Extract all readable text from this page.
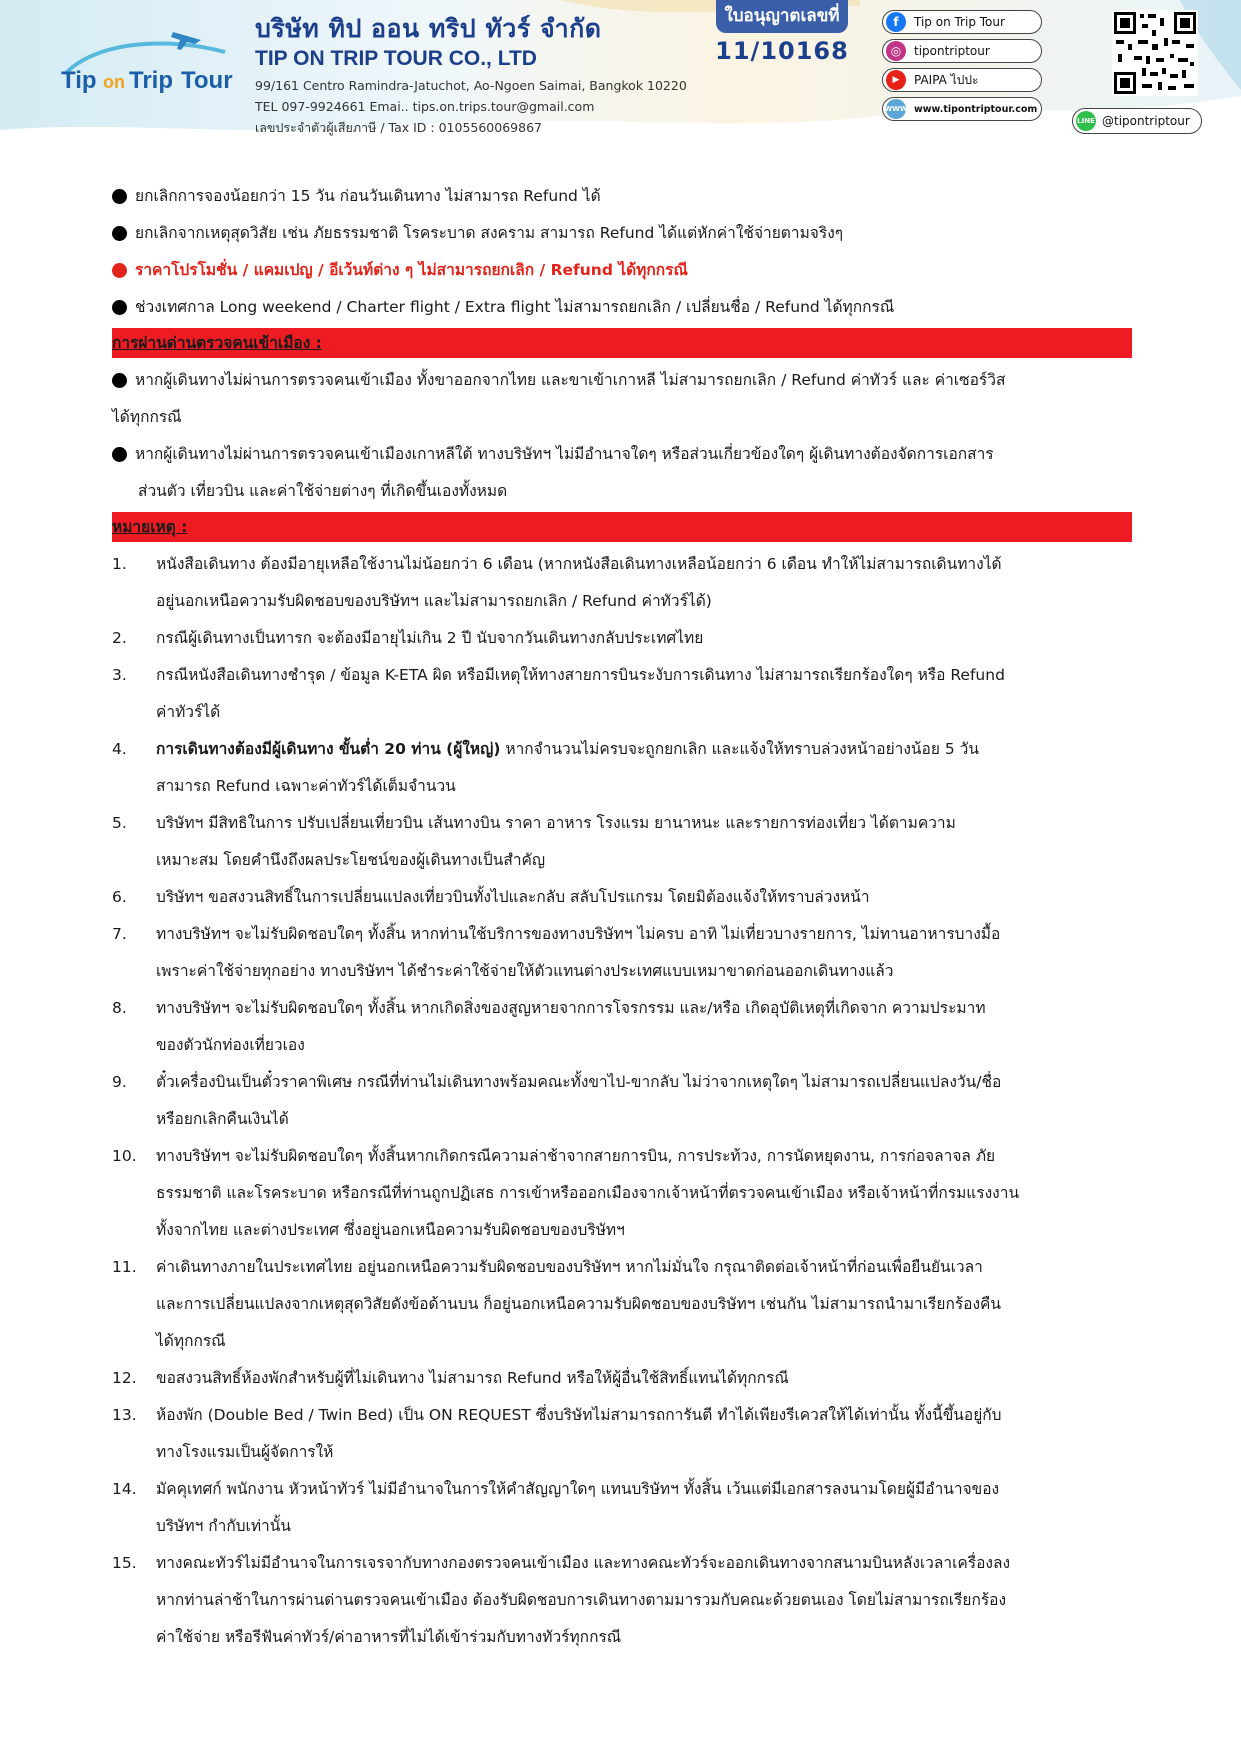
Tip on Trip Tour
บริษัท ทิป ออน ทริป ทัวร์ จำกัด
TIP ON TRIP TOUR CO., LTD
99/161 Centro Ramindra-Jatuchot, Ao-Ngoen Saimai, Bangkok 10220
TEL 097-9924661 Emai.. tips.on.trips.tour@gmail.com
เลขประจำตัวผู้เสียภาษี / Tax ID : 0105560069867
ใบอนุญาตเลขที่
11/10168
f	Tip on Trip Tour
◎	tipontriptour
▶	PAIPA ไปปะ
WWW www.tipontriptour.com
LINE @tipontriptour
ยกเลิกการจองน้อยกว่า 15 วัน ก่อนวันเดินทาง ไม่สามารถ Refund ได้
ยกเลิกจากเหตุสุดวิสัย เช่น ภัยธรรมชาติ โรคระบาด สงคราม สามารถ Refund ได้แต่หักค่าใช้จ่ายตามจริงๆ
ราคาโปรโมชั่น / แคมเปญ / อีเว้นท์ต่าง ๆ ไม่สามารถยกเลิก / Refund ได้ทุกกรณี
ช่วงเทศกาล Long weekend / Charter flight / Extra flight ไม่สามารถยกเลิก / เปลี่ยนชื่อ / Refund ได้ทุกกรณี
การผ่านด่านตรวจคนเข้าเมือง :
หากผู้เดินทางไม่ผ่านการตรวจคนเข้าเมือง ทั้งขาออกจากไทย และขาเข้าเกาหลี ไม่สามารถยกเลิก / Refund ค่าทัวร์ และ ค่าเซอร์วิส
ได้ทุกกรณี
หากผู้เดินทางไม่ผ่านการตรวจคนเข้าเมืองเกาหลีใต้ ทางบริษัทฯ ไม่มีอำนาจใดๆ หรือส่วนเกี่ยวข้องใดๆ ผู้เดินทางต้องจัดการเอกสาร
ส่วนตัว เที่ยวบิน และค่าใช้จ่ายต่างๆ ที่เกิดขึ้นเองทั้งหมด
หมายเหตุ :
1.	หนังสือเดินทาง ต้องมีอายุเหลือใช้งานไม่น้อยกว่า 6 เดือน (หากหนังสือเดินทางเหลือน้อยกว่า 6 เดือน ทำให้ไม่สามารถเดินทางได้
อยู่นอกเหนือความรับผิดชอบของบริษัทฯ และไม่สามารถยกเลิก / Refund ค่าทัวร์ได้)
2.	กรณีผู้เดินทางเป็นทารก จะต้องมีอายุไม่เกิน 2 ปี นับจากวันเดินทางกลับประเทศไทย
3.	กรณีหนังสือเดินทางชำรุด / ข้อมูล K-ETA ผิด หรือมีเหตุให้ทางสายการบินระงับการเดินทาง ไม่สามารถเรียกร้องใดๆ หรือ Refund
ค่าทัวร์ได้
4.	การเดินทางต้องมีผู้เดินทาง ขั้นต่ำ 20 ท่าน (ผู้ใหญ่) หากจำนวนไม่ครบจะถูกยกเลิก และแจ้งให้ทราบล่วงหน้าอย่างน้อย 5 วัน
สามารถ Refund เฉพาะค่าทัวร์ได้เต็มจำนวน
5.	บริษัทฯ มีสิทธิในการ ปรับเปลี่ยนเที่ยวบิน เส้นทางบิน ราคา อาหาร โรงแรม ยานาหนะ และรายการท่องเที่ยว ได้ตามความ
เหมาะสม โดยคำนึงถึงผลประโยชน์ของผู้เดินทางเป็นสำคัญ
6.	บริษัทฯ ขอสงวนสิทธิ์ในการเปลี่ยนแปลงเที่ยวบินทั้งไปและกลับ สลับโปรแกรม โดยมิต้องแจ้งให้ทราบล่วงหน้า
7.	ทางบริษัทฯ จะไม่รับผิดชอบใดๆ ทั้งสิ้น หากท่านใช้บริการของทางบริษัทฯ ไม่ครบ อาทิ ไม่เที่ยวบางรายการ, ไม่ทานอาหารบางมื้อ
เพราะค่าใช้จ่ายทุกอย่าง ทางบริษัทฯ ได้ชำระค่าใช้จ่ายให้ตัวแทนต่างประเทศแบบเหมาขาดก่อนออกเดินทางแล้ว
8.	ทางบริษัทฯ จะไม่รับผิดชอบใดๆ ทั้งสิ้น หากเกิดสิ่งของสูญหายจากการโจรกรรม และ/หรือ เกิดอุบัติเหตุที่เกิดจาก ความประมาท
ของตัวนักท่องเที่ยวเอง
9.	ตั๋วเครื่องบินเป็นตั๋วราคาพิเศษ กรณีที่ท่านไม่เดินทางพร้อมคณะทั้งขาไป-ขากลับ ไม่ว่าจากเหตุใดๆ ไม่สามารถเปลี่ยนแปลงวัน/ชื่อ
หรือยกเลิกคืนเงินได้
10.	ทางบริษัทฯ จะไม่รับผิดชอบใดๆ ทั้งสิ้นหากเกิดกรณีความล่าช้าจากสายการบิน, การประท้วง, การนัดหยุดงาน, การก่อจลาจล ภัย
ธรรมชาติ และโรคระบาด หรือกรณีที่ท่านถูกปฏิเสธ การเข้าหรือออกเมืองจากเจ้าหน้าที่ตรวจคนเข้าเมือง หรือเจ้าหน้าที่กรมแรงงาน
ทั้งจากไทย และต่างประเทศ ซึ่งอยู่นอกเหนือความรับผิดชอบของบริษัทฯ
11.	ค่าเดินทางภายในประเทศไทย อยู่นอกเหนือความรับผิดชอบของบริษัทฯ หากไม่มั่นใจ กรุณาติดต่อเจ้าหน้าที่ก่อนเพื่อยืนยันเวลา
และการเปลี่ยนแปลงจากเหตุสุดวิสัยดังข้อด้านบน ก็อยู่นอกเหนือความรับผิดชอบของบริษัทฯ เช่นกัน ไม่สามารถนำมาเรียกร้องคืน
ได้ทุกกรณี
12.	ขอสงวนสิทธิ์ห้องพักสำหรับผู้ที่ไม่เดินทาง ไม่สามารถ Refund หรือให้ผู้อื่นใช้สิทธิ์แทนได้ทุกกรณี
13.	ห้องพัก (Double Bed / Twin Bed) เป็น ON REQUEST ซึ่งบริษัทไม่สามารถการันตี ทำได้เพียงรีเควสให้ได้เท่านั้น ทั้งนี้ขึ้นอยู่กับ
ทางโรงแรมเป็นผู้จัดการให้
14.	มัคคุเทศก์ พนักงาน หัวหน้าทัวร์ ไม่มีอำนาจในการให้คำสัญญาใดๆ แทนบริษัทฯ ทั้งสิ้น เว้นแต่มีเอกสารลงนามโดยผู้มีอำนาจของ
บริษัทฯ กำกับเท่านั้น
15.	ทางคณะทัวร์ไม่มีอำนาจในการเจรจากับทางกองตรวจคนเข้าเมือง และทางคณะทัวร์จะออกเดินทางจากสนามบินหลังเวลาเครื่องลง
หากท่านล่าช้าในการผ่านด่านตรวจคนเข้าเมือง ต้องรับผิดชอบการเดินทางตามมารวมกับคณะด้วยตนเอง โดยไม่สามารถเรียกร้อง
ค่าใช้จ่าย หรือรีฟันค่าทัวร์/ค่าอาหารที่ไม่ได้เข้าร่วมกับทางทัวร์ทุกกรณี
